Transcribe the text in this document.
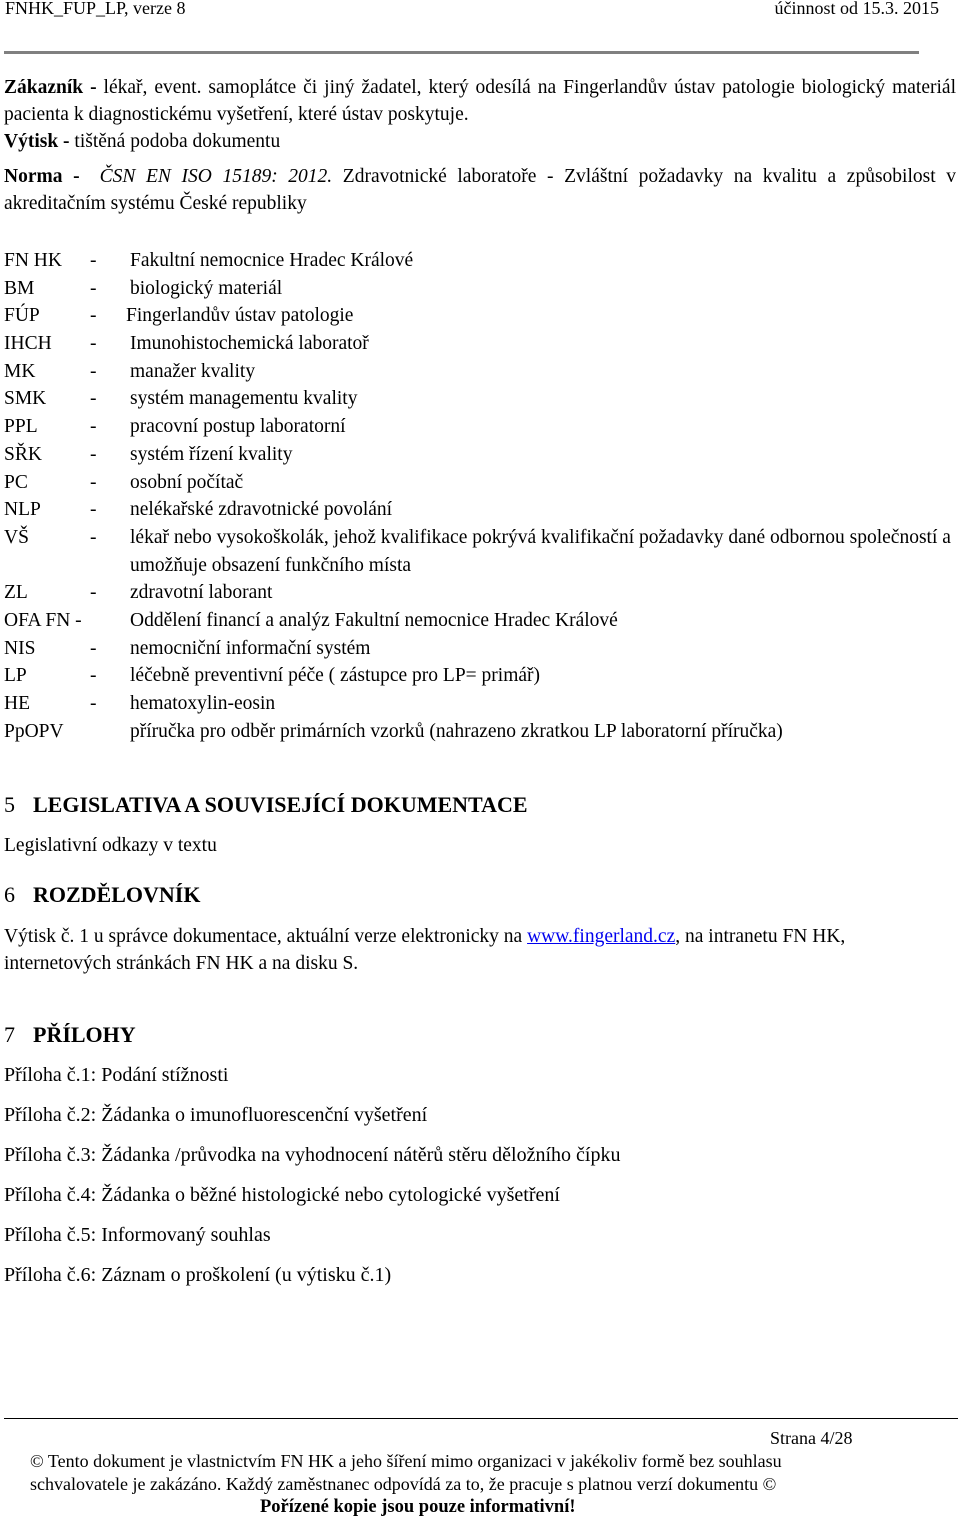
FNHK_FUP_LP, verze 8	účinnost od 15.3. 2015
Zákazník - lékař, event. samoplátce či jiný žadatel, který odesílá na Fingerlandův ústav patologie biologický materiál pacienta k diagnostickému vyšetření, které ústav poskytuje.
Výtisk - tištěná podoba dokumentu
Norma - ČSN EN ISO 15189: 2012. Zdravotnické laboratoře - Zvláštní požadavky na kvalitu a způsobilost v akreditačním systému České republiky
FN HK - Fakultní nemocnice Hradec Králové
BM	- biologický materiál
FÚP	- Fingerlandův ústav patologie
IHCH - Imunohistochemická laboratoř
MK	- manažer kvality
SMK - systém managementu kvality
PPL	- pracovní postup laboratorní
SŘK - systém řízení kvality
PC	- osobní počítač
NLP	- nelékařské zdravotnické povolání
VŠ	- lékař nebo vysokoškolák, jehož kvalifikace pokrývá kvalifikační požadavky dané odbornou společností a umožňuje obsazení funkčního místa
ZL	- zdravotní laborant
OFA FN - Oddělení financí a analýz Fakultní nemocnice Hradec Králové
NIS	- nemocniční informační systém
LP	- léčebně preventivní péče ( zástupce pro LP= primář)
HE	- hematoxylin-eosin
PpOPV	příručka pro odběr primárních vzorků (nahrazeno zkratkou LP laboratorní příručka)
5 LEGISLATIVA A SOUVISEJÍCÍ DOKUMENTACE
Legislativní odkazy v textu
6 ROZDĚLOVNÍK
Výtisk č. 1 u správce dokumentace, aktuální verze elektronicky na www.fingerland.cz, na intranetu FN HK, internetových stránkách FN HK a na disku S.
7 PŘÍLOHY
Příloha č.1: Podání stížnosti
Příloha č.2: Žádanka o imunofluorescenční vyšetření
Příloha č.3: Žádanka /průvodka na vyhodnocení nátěrů stěru děložního čípku
Příloha č.4: Žádanka o běžné histologické nebo cytologické vyšetření
Příloha č.5: Informovaný souhlas
Příloha č.6: Záznam o proškolení (u výtisku č.1)
Strana 4/28
© Tento dokument je vlastnictvím FN HK a jeho šíření mimo organizaci v jakékoliv formě bez souhlasu
schvalovatele je zakázáno. Každý zaměstnanec odpovídá za to, že pracuje s platnou verzí dokumentu ©
Pořízené kopie jsou pouze informativní!
